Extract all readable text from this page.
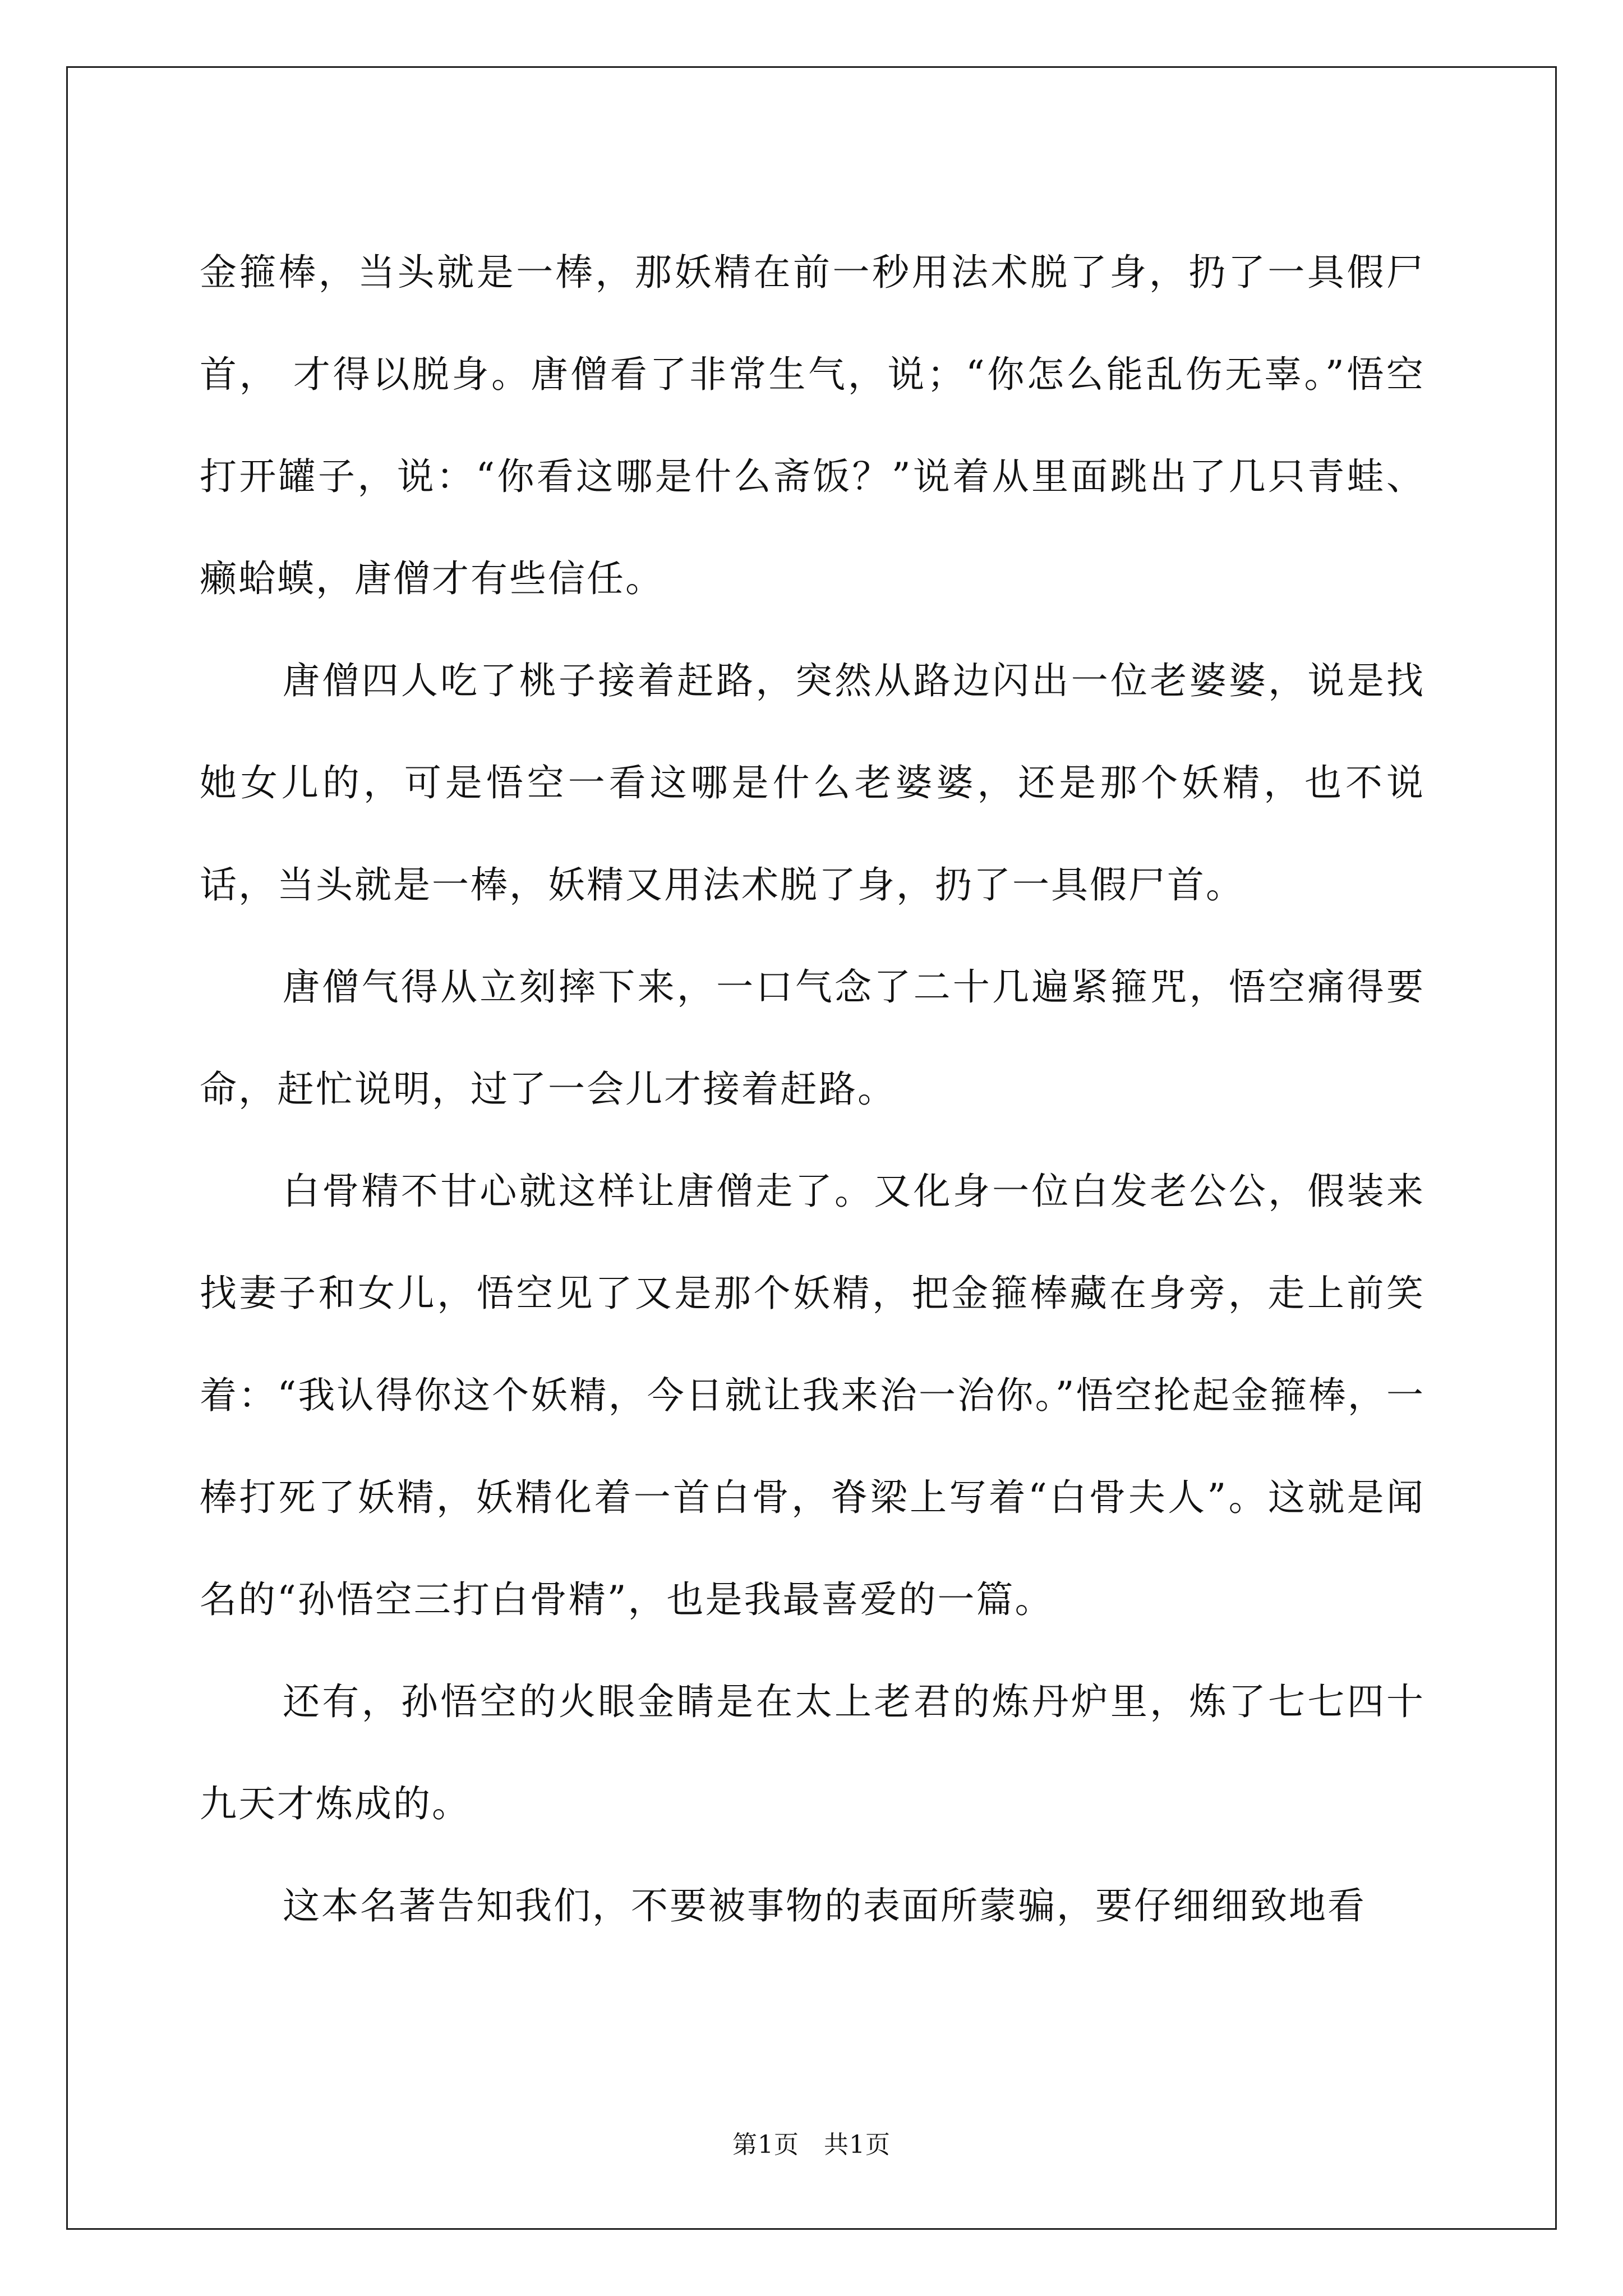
金箍棒，当头就是一棒，那妖精在前一秒用法术脱了身，扔了一具假尸首， 才得以脱身。唐僧看了非常生气，说；“你怎么能乱伤无辜。”悟空打开罐子，说：“你看这哪是什么斋饭？”说着从里面跳出了几只青蛙、癞蛤蟆，唐僧才有些信任。

唐僧四人吃了桃子接着赶路，突然从路边闪出一位老婆婆，说是找她女儿的，可是悟空一看这哪是什么老婆婆，还是那个妖精，也不说话，当头就是一棒，妖精又用法术脱了身，扔了一具假尸首。

唐僧气得从立刻摔下来，一口气念了二十几遍紧箍咒，悟空痛得要命，赶忙说明，过了一会儿才接着赶路。

白骨精不甘心就这样让唐僧走了。又化身一位白发老公公，假装来找妻子和女儿，悟空见了又是那个妖精，把金箍棒藏在身旁，走上前笑着：“我认得你这个妖精，今日就让我来治一治你。”悟空抡起金箍棒，一棒打死了妖精，妖精化着一首白骨，脊梁上写着“白骨夫人”。这就是闻名的“孙悟空三打白骨精”，也是我最喜爱的一篇。

还有，孙悟空的火眼金睛是在太上老君的炼丹炉里，炼了七七四十九天才炼成的。

这本名著告知我们，不要被事物的表面所蒙骗，要仔细细致地看

第1页 共1页
